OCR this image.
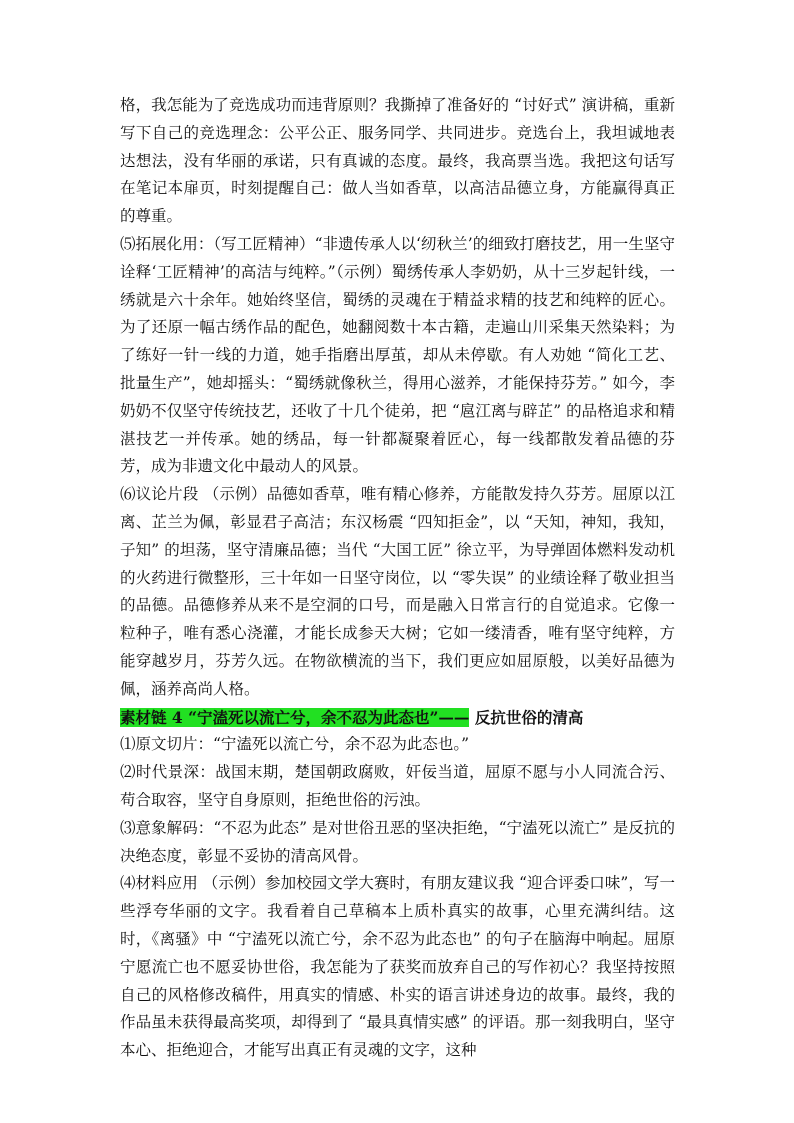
格，我怎能为了竞选成功而违背原则？我撕掉了准备好的 “讨好式” 演讲稿，重新写下自己的竞选理念：公平公正、服务同学、共同进步。竞选台上，我坦诚地表达想法，没有华丽的承诺，只有真诚的态度。最终，我高票当选。我把这句话写在笔记本扉页，时刻提醒自己：做人当如香草，以高洁品德立身，方能赢得真正的尊重。

⑸拓展化用：（写工匠精神）“非遗传承人以‘纫秋兰’的细致打磨技艺，用一生坚守诠释‘工匠精神’的高洁与纯粹。”（示例）蜀绣传承人李奶奶，从十三岁起针线，一绣就是六十余年。她始终坚信，蜀绣的灵魂在于精益求精的技艺和纯粹的匠心。为了还原一幅古绣作品的配色，她翻阅数十本古籍，走遍山川采集天然染料；为了练好一针一线的力道，她手指磨出厚茧，却从未停歇。有人劝她 “简化工艺、批量生产”，她却摇头：“蜀绣就像秋兰，得用心滋养，才能保持芬芳。” 如今，李奶奶不仅坚守传统技艺，还收了十几个徒弟，把 “扈江离与辟芷” 的品格追求和精湛技艺一并传承。她的绣品，每一针都凝聚着匠心，每一线都散发着品德的芬芳，成为非遗文化中最动人的风景。

⑹议论片段 （示例）品德如香草，唯有精心修养，方能散发持久芬芳。屈原以江离、芷兰为佩，彰显君子高洁；东汉杨震 “四知拒金”，以 “天知，神知，我知，子知” 的坦荡，坚守清廉品德；当代 “大国工匠” 徐立平，为导弹固体燃料发动机的火药进行微整形，三十年如一日坚守岗位，以 “零失误” 的业绩诠释了敬业担当的品德。品德修养从来不是空洞的口号，而是融入日常言行的自觉追求。它像一粒种子，唯有悉心浇灌，才能长成参天大树；它如一缕清香，唯有坚守纯粹，方能穿越岁月，芬芳久远。在物欲横流的当下，我们更应如屈原般，以美好品德为佩，涵养高尚人格。

素材链 4 “宁溘死以流亡兮，余不忍为此态也”—— 反抗世俗的清高

⑴原文切片：“宁溘死以流亡兮，余不忍为此态也。”

⑵时代景深：战国末期，楚国朝政腐败，奸佞当道，屈原不愿与小人同流合污、苟合取容，坚守自身原则，拒绝世俗的污浊。

⑶意象解码：“不忍为此态” 是对世俗丑恶的坚决拒绝，“宁溘死以流亡” 是反抗的决绝态度，彰显不妥协的清高风骨。

⑷材料应用 （示例）参加校园文学大赛时，有朋友建议我 “迎合评委口味”，写一些浮夸华丽的文字。我看着自己草稿本上质朴真实的故事，心里充满纠结。这时，《离骚》中 “宁溘死以流亡兮，余不忍为此态也” 的句子在脑海中响起。屈原宁愿流亡也不愿妥协世俗，我怎能为了获奖而放弃自己的写作初心？我坚持按照自己的风格修改稿件，用真实的情感、朴实的语言讲述身边的故事。最终，我的作品虽未获得最高奖项，却得到了 “最具真情实感” 的评语。那一刻我明白，坚守本心、拒绝迎合，才能写出真正有灵魂的文字，这种
